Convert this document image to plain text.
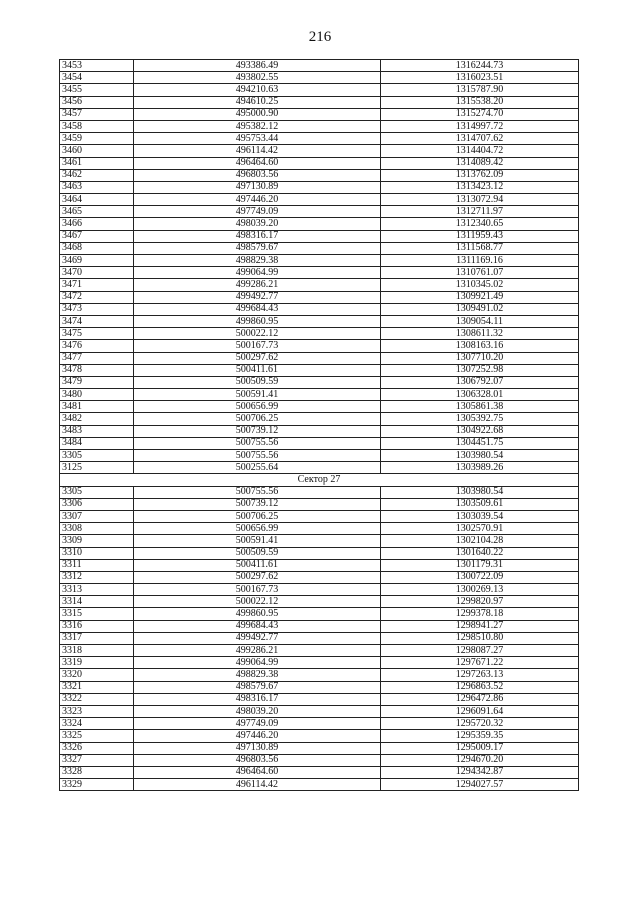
216
3453	493386.49	1316244.73
3454	493802.55	1316023.51
3455	494210.63	1315787.90
3456	494610.25	1315538.20
3457	495000.90	1315274.70
3458	495382.12	1314997.72
3459	495753.44	1314707.62
3460	496114.42	1314404.72
3461	496464.60	1314089.42
3462	496803.56	1313762.09
3463	497130.89	1313423.12
3464	497446.20	1313072.94
3465	497749.09	1312711.97
3466	498039.20	1312340.65
3467	498316.17	1311959.43
3468	498579.67	1311568.77
3469	498829.38	1311169.16
3470	499064.99	1310761.07
3471	499286.21	1310345.02
3472	499492.77	1309921.49
3473	499684.43	1309491.02
3474	499860.95	1309054.11
3475	500022.12	1308611.32
3476	500167.73	1308163.16
3477	500297.62	1307710.20
3478	500411.61	1307252.98
3479	500509.59	1306792.07
3480	500591.41	1306328.01
3481	500656.99	1305861.38
3482	500706.25	1305392.75
3483	500739.12	1304922.68
3484	500755.56	1304451.75
3305	500755.56	1303980.54
3125	500255.64	1303989.26
Сектор 27		
3305	500755.56	1303980.54
3306	500739.12	1303509.61
3307	500706.25	1303039.54
3308	500656.99	1302570.91
3309	500591.41	1302104.28
3310	500509.59	1301640.22
3311	500411.61	1301179.31
3312	500297.62	1300722.09
3313	500167.73	1300269.13
3314	500022.12	1299820.97
3315	499860.95	1299378.18
3316	499684.43	1298941.27
3317	499492.77	1298510.80
3318	499286.21	1298087.27
3319	499064.99	1297671.22
3320	498829.38	1297263.13
3321	498579.67	1296863.52
3322	498316.17	1296472.86
3323	498039.20	1296091.64
3324	497749.09	1295720.32
3325	497446.20	1295359.35
3326	497130.89	1295009.17
3327	496803.56	1294670.20
3328	496464.60	1294342.87
3329	496114.42	1294027.57
